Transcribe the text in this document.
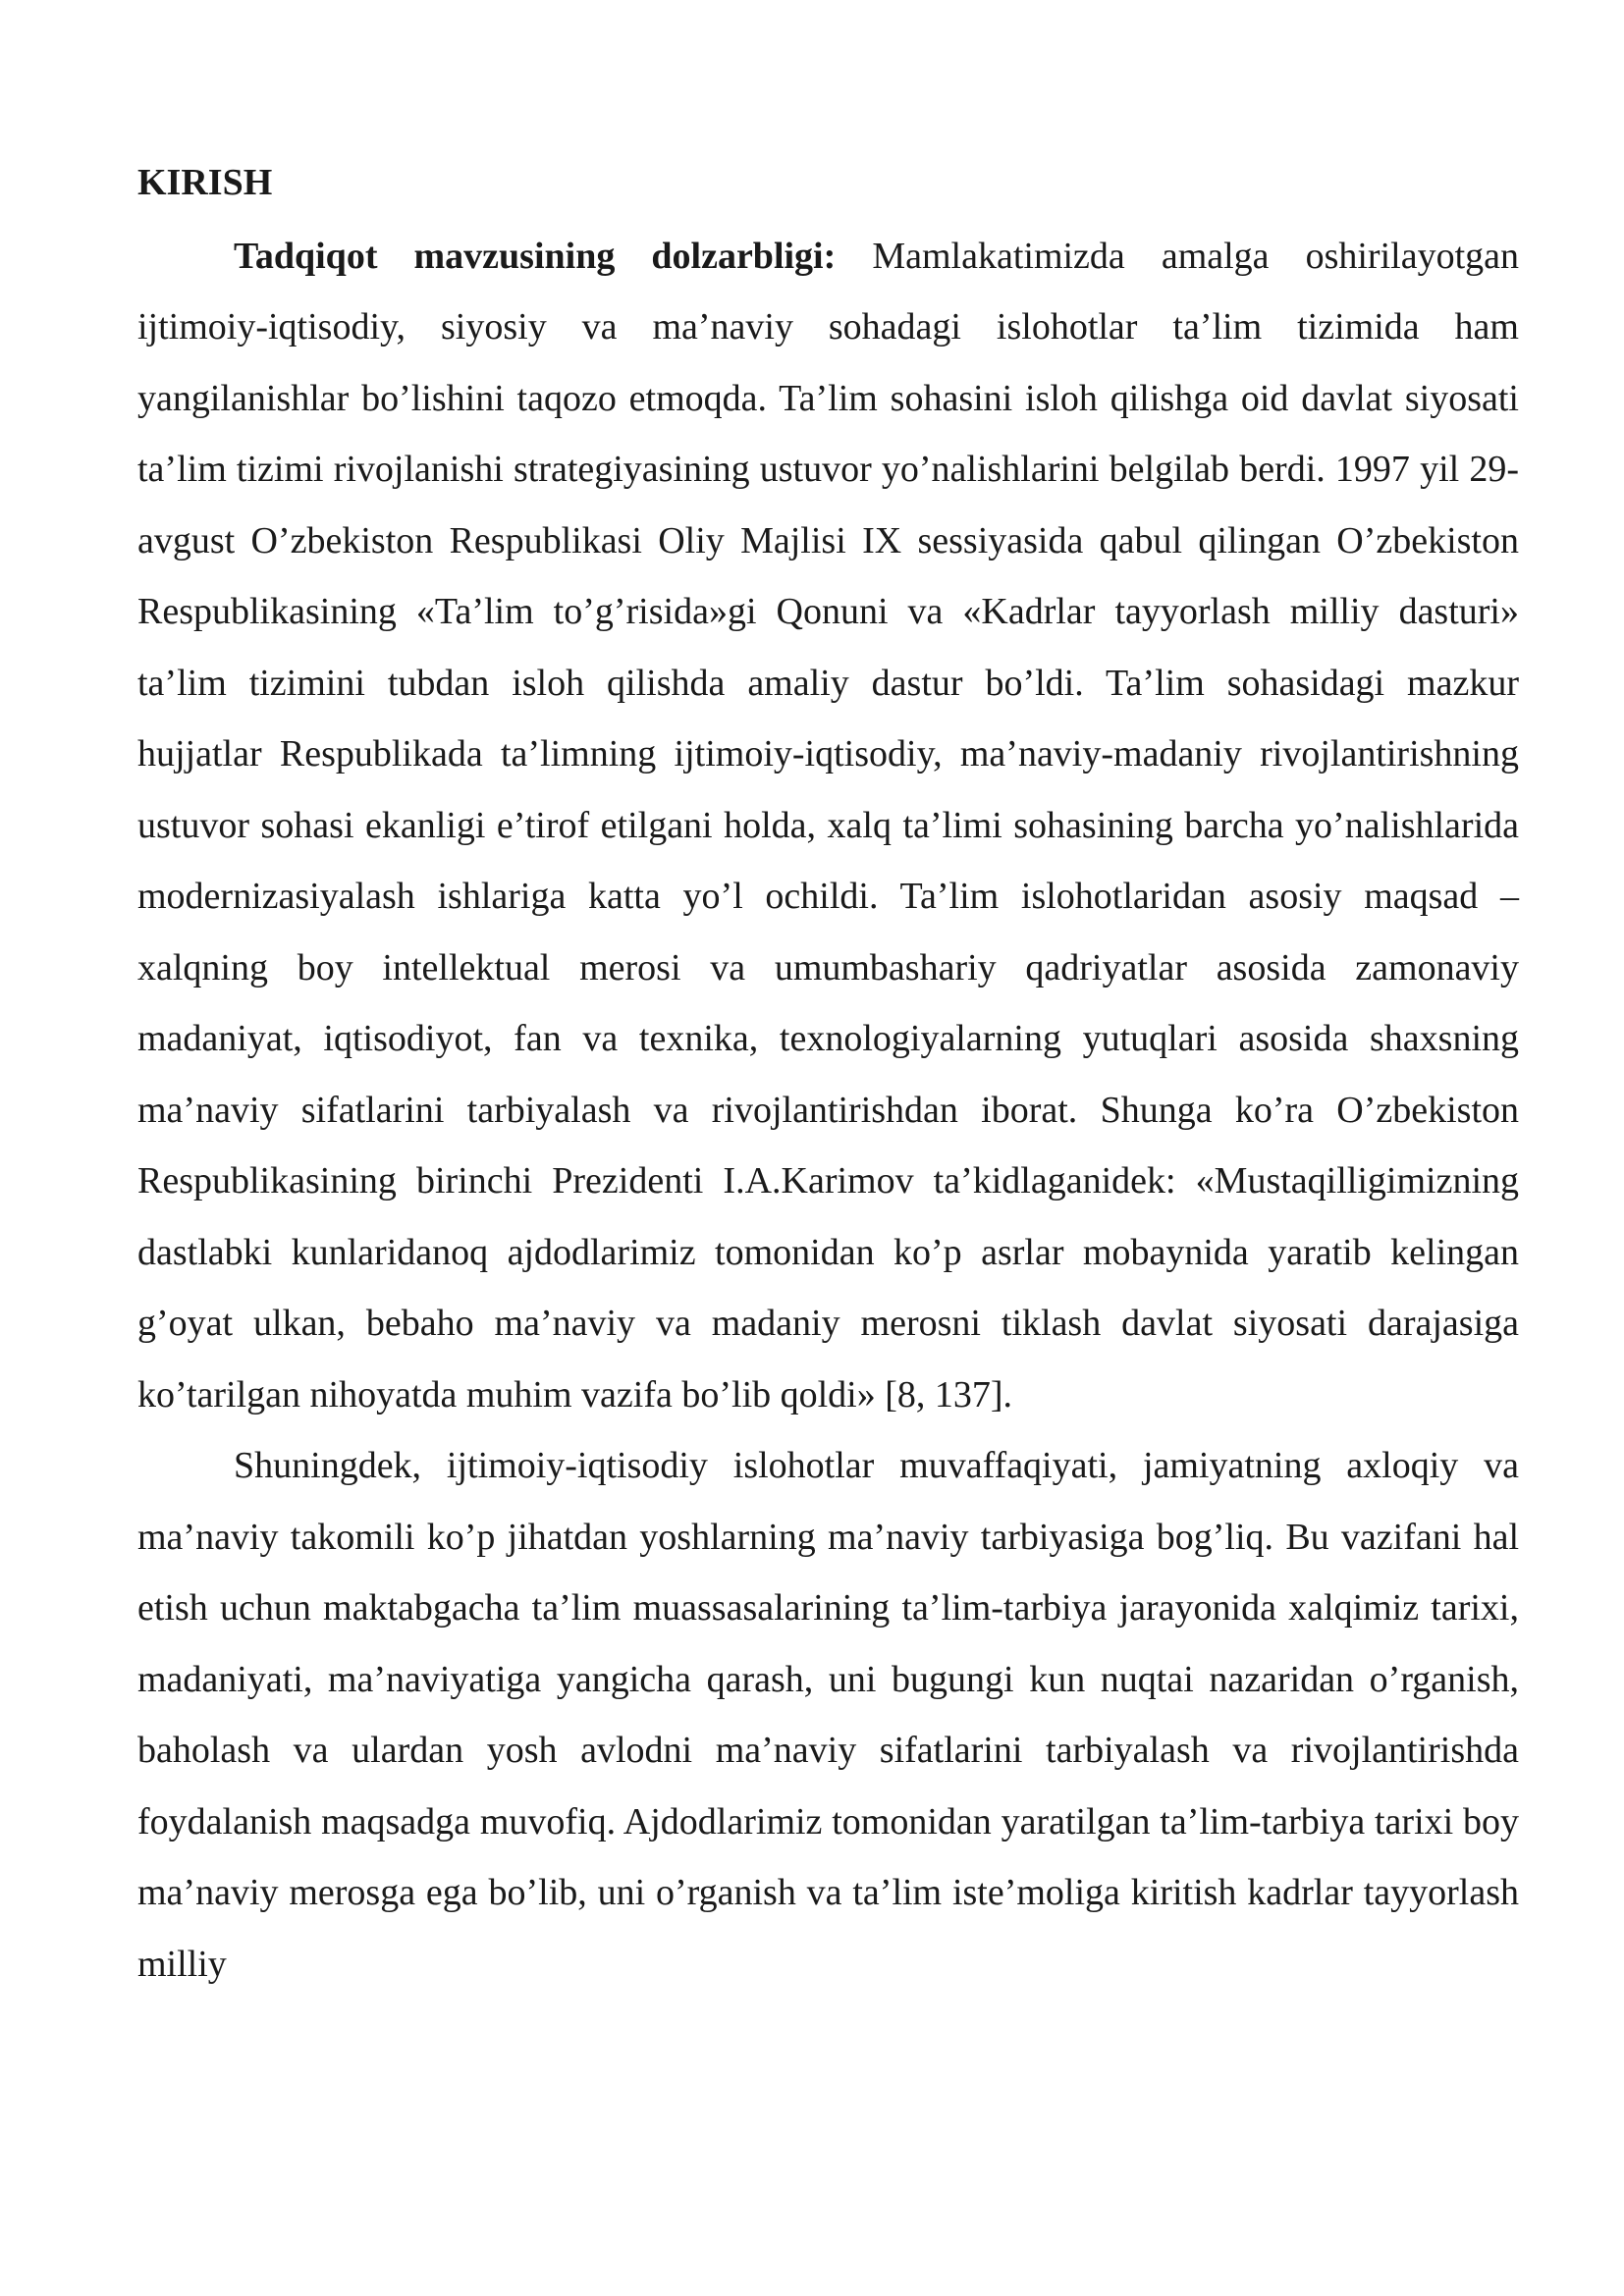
KIRISH

Tadqiqot mavzusining dolzarbligi: Mamlakatimizda amalga oshirilayotgan ijtimoiy-iqtisodiy, siyosiy va ma’naviy sohadagi islohotlar ta’lim tizimida ham yangilanishlar bo’lishini taqozo etmoqda. Ta’lim sohasini isloh qilishga oid davlat siyosati ta’lim tizimi rivojlanishi strategiyasining ustuvor yo’nalishlarini belgilab berdi. 1997 yil 29-avgust O’zbekiston Respublikasi Oliy Majlisi IX sessiyasida qabul qilingan O’zbekiston Respublikasining «Ta’lim to’g’risida»gi Qonuni va «Kadrlar tayyorlash milliy dasturi» ta’lim tizimini tubdan isloh qilishda amaliy dastur bo’ldi. Ta’lim sohasidagi mazkur hujjatlar Respublikada ta’limning ijtimoiy-iqtisodiy, ma’naviy-madaniy rivojlantirishning ustuvor sohasi ekanligi e’tirof etilgani holda, xalq ta’limi sohasining barcha yo’nalishlarida modernizasiyalash ishlariga katta yo’l ochildi. Ta’lim islohotlaridan asosiy maqsad – xalqning boy intellektual merosi va umumbashariy qadriyatlar asosida zamonaviy madaniyat, iqtisodiyot, fan va texnika, texnologiyalarning yutuqlari asosida shaxsning ma’naviy sifatlarini tarbiyalash va rivojlantirishdan iborat. Shunga ko’ra O’zbekiston Respublikasining birinchi Prezidenti I.A.Karimov ta’kidlaganidek: «Mustaqilligimizning dastlabki kunlaridanoq ajdodlarimiz tomonidan ko’p asrlar mobaynida yaratib kelingan g’oyat ulkan, bebaho ma’naviy va madaniy merosni tiklash davlat siyosati darajasiga ko’tarilgan nihoyatda muhim vazifa bo’lib qoldi» [8, 137].

Shuningdek, ijtimoiy-iqtisodiy islohotlar muvaffaqiyati, jamiyatning axloqiy va ma’naviy takomili ko’p jihatdan yoshlarning ma’naviy tarbiyasiga bog’liq. Bu vazifani hal etish uchun maktabgacha ta’lim muassasalarining ta’lim-tarbiya jarayonida xalqimiz tarixi, madaniyati, ma’naviyatiga yangicha qarash, uni bugungi kun nuqtai nazaridan o’rganish, baholash va ulardan yosh avlodni ma’naviy sifatlarini tarbiyalash va rivojlantirishda foydalanish maqsadga muvofiq. Ajdodlarimiz tomonidan yaratilgan ta’lim-tarbiya tarixi boy ma’naviy merosga ega bo’lib, uni o’rganish va ta’lim iste’moliga kiritish kadrlar tayyorlash milliy
